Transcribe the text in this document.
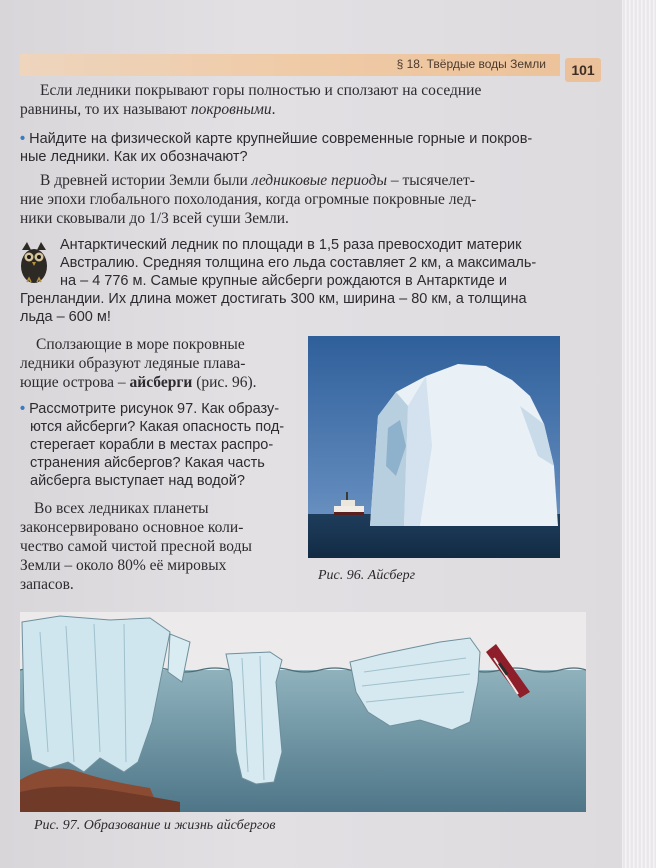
§ 18. Твёрдые воды Земли	101
Если ледники покрывают горы полностью и сползают на соседние
равнины, то их называют покровными.
• Найдите на физической карте крупнейшие современные горные и покров-
ные ледники. Как их обозначают?
В древней истории Земли были ледниковые периоды – тысячелет-
ние эпохи глобального похолодания, когда огромные покровные лед-
ники сковывали до 1/3 всей суши Земли.
Антарктический ледник по площади в 1,5 раза превосходит материк
Австралию. Средняя толщина его льда составляет 2 км, а максималь-
на – 4 776 м. Самые крупные айсберги рождаются в Антарктиде и
Гренландии. Их длина может достигать 300 км, ширина – 80 км, а толщина
льда – 600 м!
Сползающие в море покровные
ледники образуют ледяные плава-
ющие острова – айсберги (рис. 96).
• Рассмотрите рисунок 97. Как образу-
ются айсберги? Какая опасность под-
стерегает корабли в местах распро-
странения айсбергов? Какая часть
айсберга выступает над водой?
Во всех ледниках планеты
законсервировано основное коли-
чество самой чистой пресной воды
Земли – около 80% её мировых
запасов.
Рис. 96. Айсберг
Рис. 97. Образование и жизнь айсбергов
